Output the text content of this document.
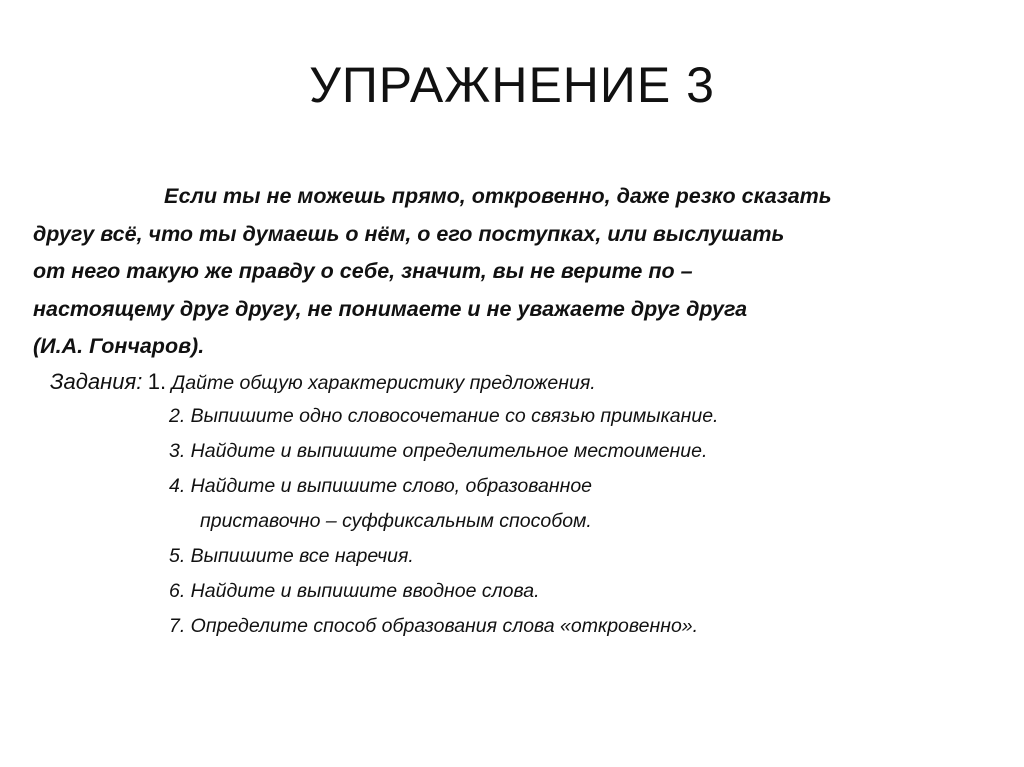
УПРАЖНЕНИЕ 3

Если ты не можешь прямо, откровенно, даже резко сказать
другу всё, что ты думаешь о нём, о его поступках, или выслушать
от него такую же правду о себе, значит, вы не верите по –
настоящему друг другу, не понимаете и не уважаете друг друга
(И.А. Гончаров).

Задания: 1. Дайте общую характеристику предложения.
2. Выпишите одно словосочетание со связью примыкание.
3. Найдите и выпишите определительное местоимение.
4. Найдите и выпишите слово, образованное
приставочно – суффиксальным способом.
5. Выпишите все наречия.
6. Найдите и выпишите вводное слова.
7. Определите способ образования слова «откровенно».
